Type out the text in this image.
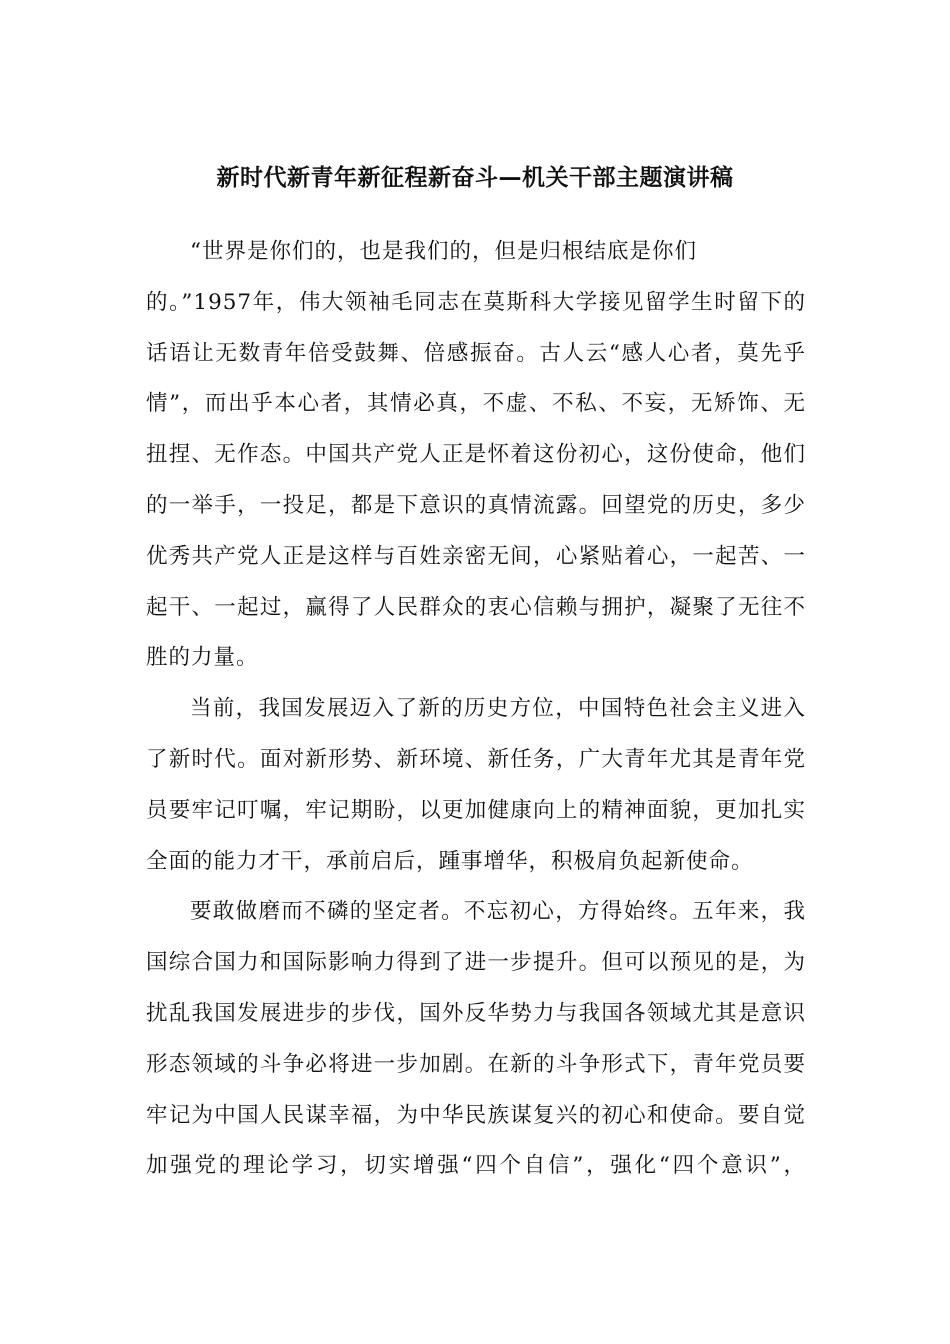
新时代新青年新征程新奋斗—机关干部主题演讲稿
“世界是你们的，也是我们的，但是归根结底是你们
的。”1957年，伟大领袖毛同志在莫斯科大学接见留学生时留下的
话语让无数青年倍受鼓舞、倍感振奋。古人云“感人心者，莫先乎
情”，而出乎本心者，其情必真，不虚、不私、不妄，无矫饰、无
扭捏、无作态。中国共产党人正是怀着这份初心，这份使命，他们
的一举手，一投足，都是下意识的真情流露。回望党的历史，多少
优秀共产党人正是这样与百姓亲密无间，心紧贴着心，一起苦、一
起干、一起过，赢得了人民群众的衷心信赖与拥护，凝聚了无往不
胜的力量。
当前，我国发展迈入了新的历史方位，中国特色社会主义进入
了新时代。面对新形势、新环境、新任务，广大青年尤其是青年党
员要牢记叮嘱，牢记期盼，以更加健康向上的精神面貌，更加扎实
全面的能力才干，承前启后，踵事增华，积极肩负起新使命。
要敢做磨而不磷的坚定者。不忘初心，方得始终。五年来，我
国综合国力和国际影响力得到了进一步提升。但可以预见的是，为
扰乱我国发展进步的步伐，国外反华势力与我国各领域尤其是意识
形态领域的斗争必将进一步加剧。在新的斗争形式下，青年党员要
牢记为中国人民谋幸福，为中华民族谋复兴的初心和使命。要自觉
加强党的理论学习，切实增强“四个自信”，强化“四个意识”，
